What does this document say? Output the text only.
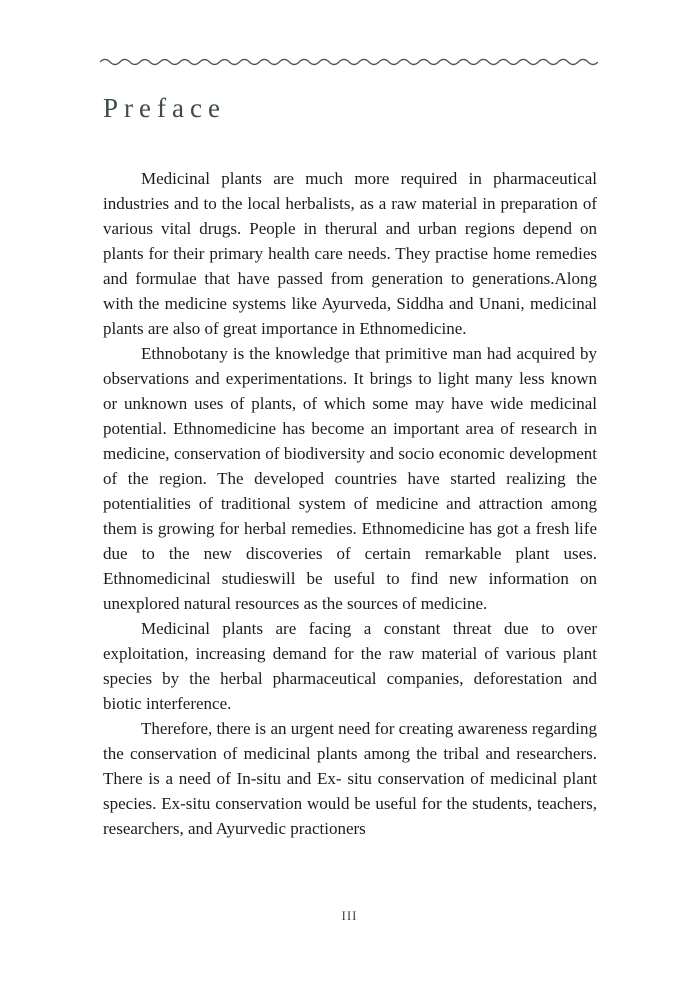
Preface

Medicinal plants are much more required in pharmaceutical industries and to the local herbalists, as a raw material in preparation of various vital drugs. People in therural and urban regions depend on plants for their primary health care needs. They practise home remedies and formulae that have passed from generation to generations.Along with the medicine systems like Ayurveda, Siddha and Unani, medicinal plants are also of great importance in Ethnomedicine.

Ethnobotany is the knowledge that primitive man had acquired by observations and experimentations. It brings to light many less known or unknown uses of plants, of which some may have wide medicinal potential. Ethnomedicine has become an important area of research in medicine, conservation of biodiversity and socio economic development of the region. The developed countries have started realizing the potentialities of traditional system of medicine and attraction among them is growing for herbal remedies. Ethnomedicine has got a fresh life due to the new discoveries of certain remarkable plant uses. Ethnomedicinal studieswill be useful to find new information on unexplored natural resources as the sources of medicine.

Medicinal plants are facing a constant threat due to over exploitation, increasing demand for the raw material of various plant species by the herbal pharmaceutical companies, deforestation and biotic interference.

Therefore, there is an urgent need for creating awareness regarding the conservation of medicinal plants among the tribal and researchers. There is a need of In-situ and Ex- situ conservation of medicinal plant species. Ex-situ conservation would be useful for the students, teachers, researchers, and Ayurvedic practioners

III
